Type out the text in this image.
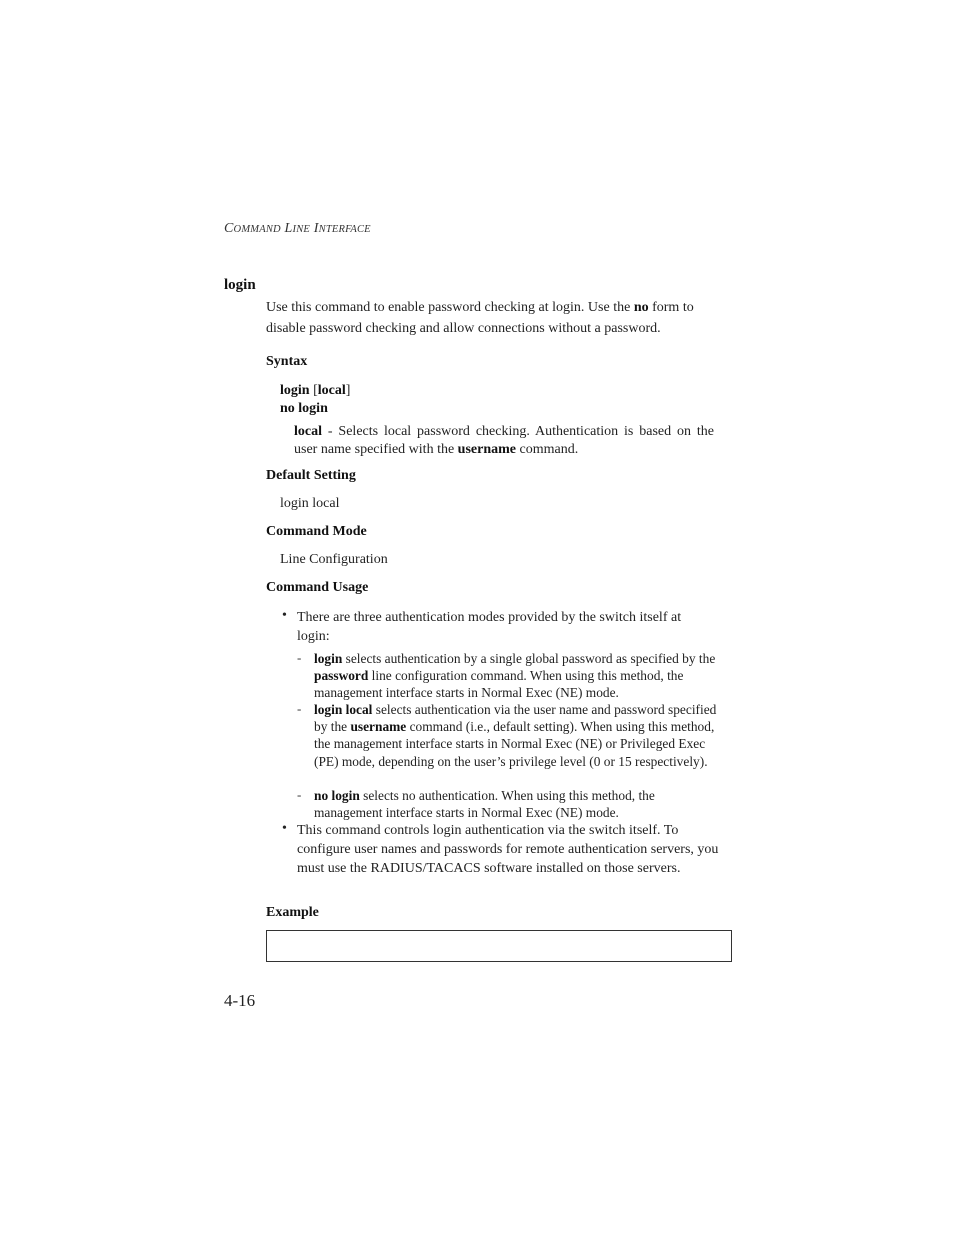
COMMAND LINE INTERFACE
login
Use this command to enable password checking at login. Use the no form to
disable password checking and allow connections without a password.
Syntax
login [local]
no login
local - Selects local password checking. Authentication is based on the user name specified with the username command.
Default Setting
login local
Command Mode
Line Configuration
Command Usage
• There are three authentication modes provided by the switch itself at login:
- login selects authentication by a single global password as specified by the password line configuration command. When using this method, the management interface starts in Normal Exec (NE) mode.
- login local selects authentication via the user name and password specified by the username command (i.e., default setting). When using this method, the management interface starts in Normal Exec (NE) or Privileged Exec (PE) mode, depending on the user’s privilege level (0 or 15 respectively).
- no login selects no authentication. When using this method, the management interface starts in Normal Exec (NE) mode.
• This command controls login authentication via the switch itself. To configure user names and passwords for remote authentication servers, you must use the RADIUS/TACACS software installed on those servers.
Example
4-16
